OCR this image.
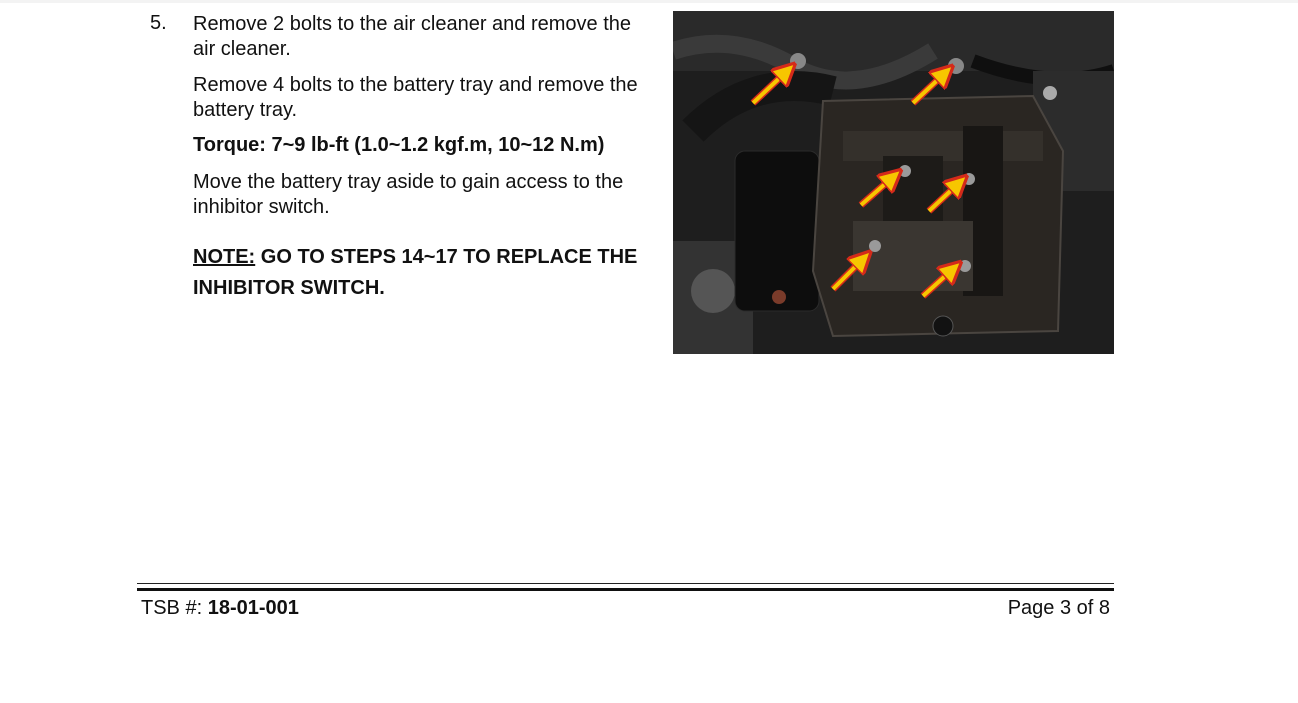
5. Remove 2 bolts to the air cleaner and remove the air cleaner.
Remove 4 bolts to the battery tray and remove the battery tray.
Torque: 7~9 lb-ft (1.0~1.2 kgf.m, 10~12 N.m)
Move the battery tray aside to gain access to the inhibitor switch.
NOTE: GO TO STEPS 14~17 TO REPLACE THE INHIBITOR SWITCH.
TSB #: 18-01-001	Page 3 of 8
